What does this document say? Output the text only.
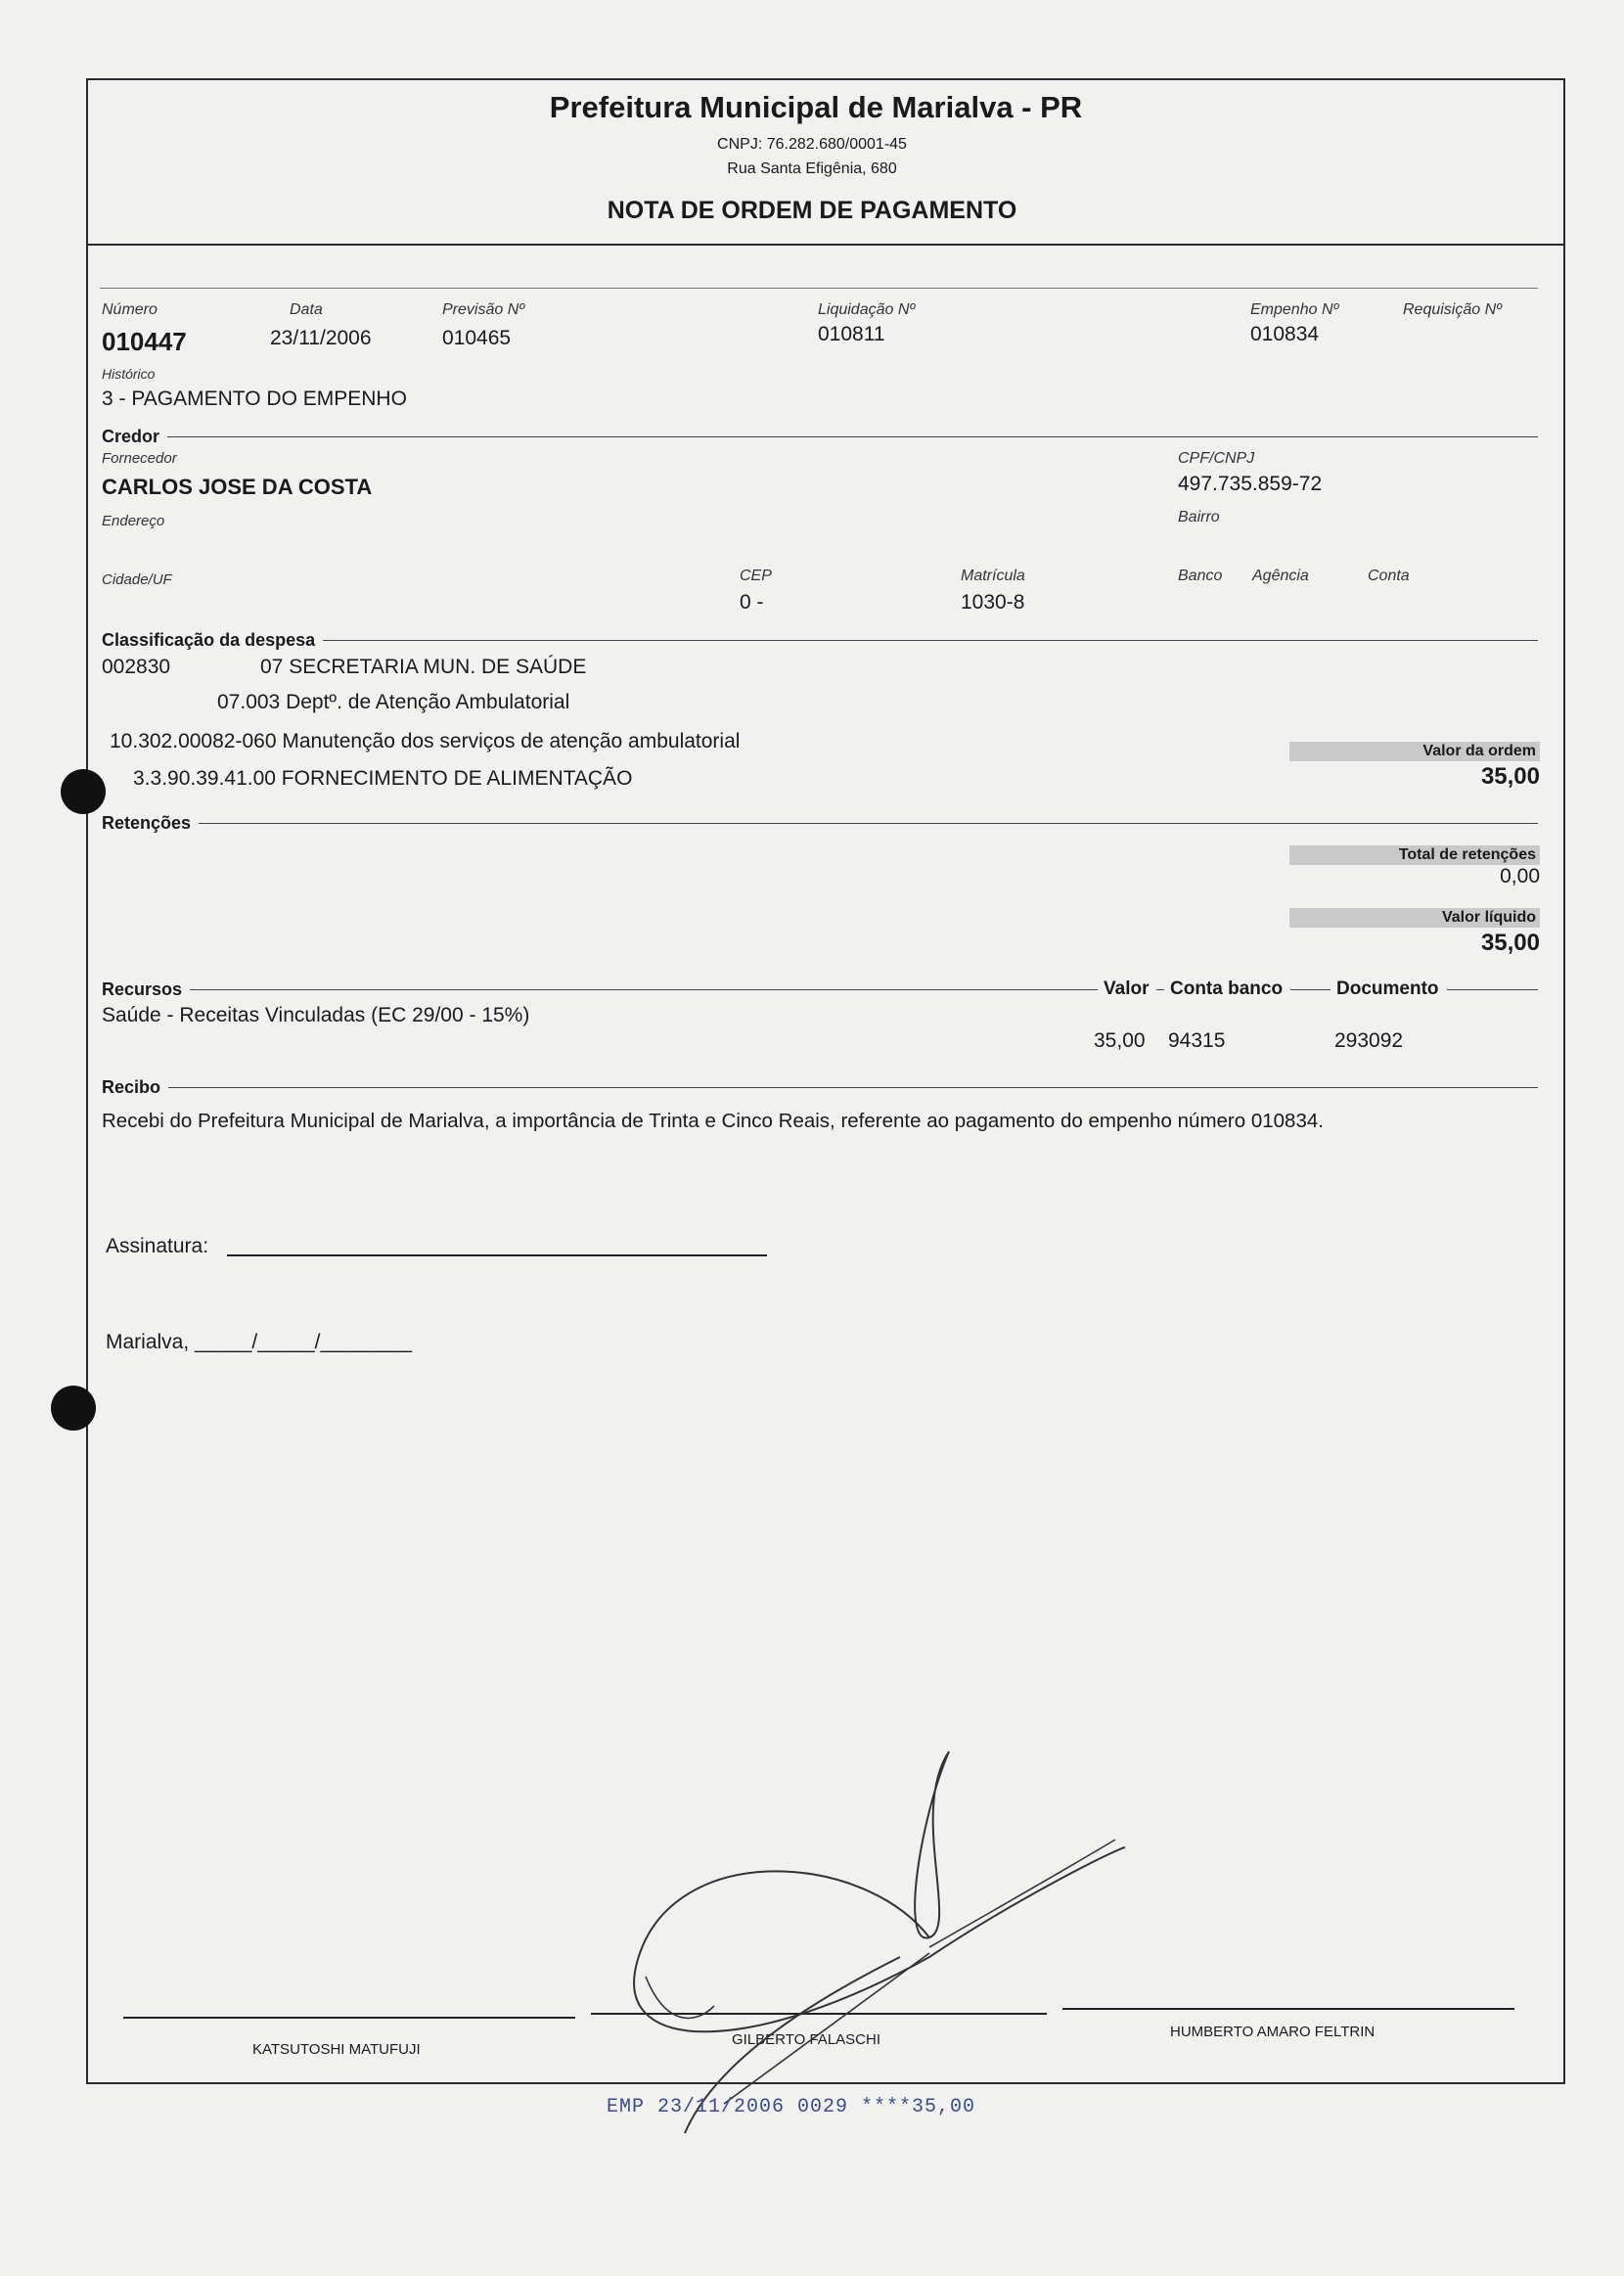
Prefeitura Municipal de Marialva - PR
CNPJ: 76.282.680/0001-45
Rua Santa Efigênia, 680
NOTA DE ORDEM DE PAGAMENTO
Número
010447
Data
23/11/2006
Previsão Nº
010465
Liquidação Nº
010811
Empenho Nº
010834
Requisição Nº
Histórico
3 - PAGAMENTO DO EMPENHO
Credor
Fornecedor
CARLOS JOSE DA COSTA
CPF/CNPJ
497.735.859-72
Endereço	Bairro
Cidade/UF	CEP
0 -
Matrícula
1030-8
Banco Agência	Conta
Classificação da despesa
002830	07 SECRETARIA MUN. DE SAÚDE
07.003 Deptº. de Atenção Ambulatorial
10.302.00082-060 Manutenção dos serviços de atenção ambulatorial
3.3.90.39.41.00 FORNECIMENTO DE ALIMENTAÇÃO
Valor da ordem
35,00
Retenções
Total de retenções
0,00
Valor líquido
35,00
Recursos	Valor	Conta banco	Documento
Saúde - Receitas Vinculadas (EC 29/00 - 15%)
35,00 94315	293092
Recibo
Recebi do Prefeitura Municipal de Marialva, a importância de Trinta e Cinco Reais, referente ao pagamento do empenho número 010834.
Assinatura:
Marialva, _____/_____/________
KATSUTOSHI MATUFUJI
GILBERTO FALASCHI	HUMBERTO AMARO FELTRIN
EMP 23/11/2006 0029 ****35,00
